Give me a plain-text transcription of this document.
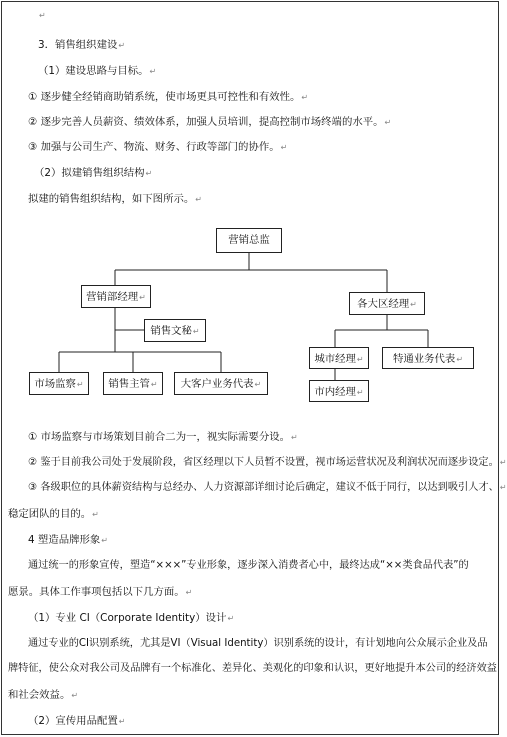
↵
3．销售组织建设↵
（1）建设思路与目标。↵
① 逐步健全经销商助销系统，使市场更具可控性和有效性。↵
② 逐步完善人员薪资、绩效体系，加强人员培训，提高控制市场终端的水平。↵
③ 加强与公司生产、物流、财务、行政等部门的协作。↵
（2）拟建销售组织结构↵
拟建的销售组织结构，如下图所示。↵
营销总监
营销部经理↵
销售文秘↵
市场监察↵	销售主管↵	大客户业务代表↵
各大区经理↵
城市经理↵	特通业务代表↵
市内经理↵
① 市场监察与市场策划目前合二为一，视实际需要分设。↵
② 鉴于目前我公司处于发展阶段，省区经理以下人员暂不设置，视市场运营状况及利润状况而逐步设定。↵
③ 各级职位的具体薪资结构与总经办、人力资源部详细讨论后确定，建议不低于同行，以达到吸引人才、↵
稳定团队的目的。↵
4 塑造品牌形象↵
通过统一的形象宣传，塑造“×××”专业形象，逐步深入消费者心中，最终达成“××类食品代表”的
愿景。具体工作事项包括以下几方面。↵
（1）专业 CI（Corporate Identity）设计↵
通过专业的CI识别系统，尤其是VI（Visual Identity）识别系统的设计，有计划地向公众展示企业及品
牌特征，使公众对我公司及品牌有一个标准化、差异化、美观化的印象和认识，更好地提升本公司的经济效益
和社会效益。↵
（2）宣传用品配置↵
